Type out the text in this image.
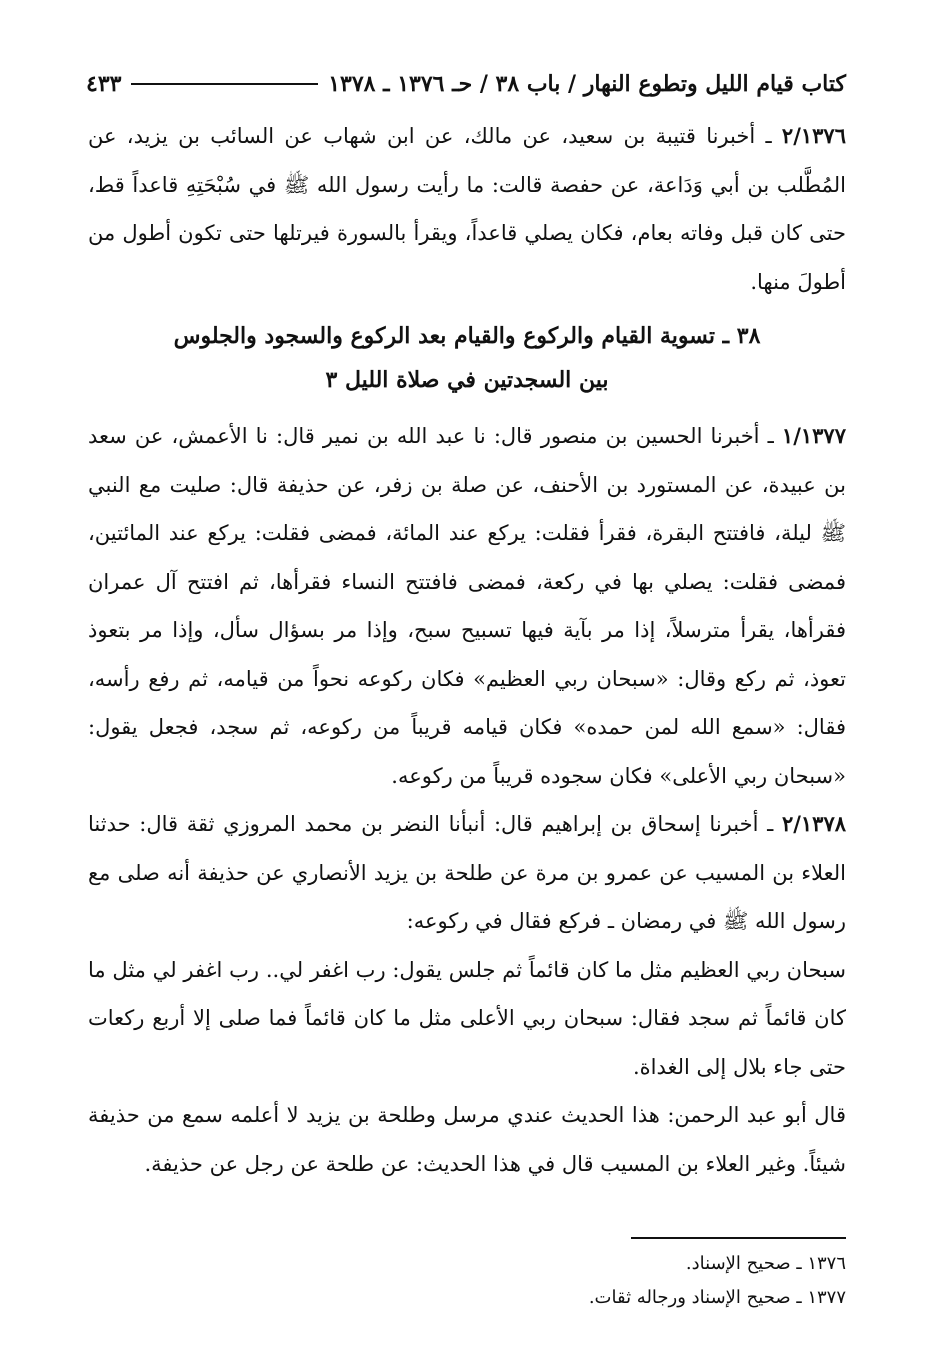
كتاب قيام الليل وتطوع النهار / باب ٣٨ / حـ ١٣٧٦ ـ ١٣٧٨
٤٣٣

٢/١٣٧٦ ـ أخبرنا قتيبة بن سعيد، عن مالك، عن ابن شهاب عن السائب بن يزيد، عن المُطَّلب بن أبي وَدَاعة، عن حفصة قالت: ما رأيت رسول الله ﷺ في سُبْحَتِهِ قاعداً قط، حتى كان قبل وفاته بعام، فكان يصلي قاعداً، ويقرأ بالسورة فيرتلها حتى تكون أطول من أطولَ منها.

٣٨ ـ تسوية القيام والركوع والقيام بعد الركوع والسجود والجلوس
بين السجدتين في صلاة الليل ٣

١/١٣٧٧ ـ أخبرنا الحسين بن منصور قال: نا عبد الله بن نمير قال: نا الأعمش، عن سعد بن عبيدة، عن المستورد بن الأحنف، عن صلة بن زفر، عن حذيفة قال: صليت مع النبي ﷺ ليلة، فافتتح البقرة، فقرأ فقلت: يركع عند المائة، فمضى فقلت: يركع عند المائتين، فمضى فقلت: يصلي بها في ركعة، فمضى فافتتح النساء فقرأها، ثم افتتح آل عمران فقرأها، يقرأ مترسلاً، إذا مر بآية فيها تسبيح سبح، وإذا مر بسؤال سأل، وإذا مر بتعوذ تعوذ، ثم ركع وقال: «سبحان ربي العظيم» فكان ركوعه نحواً من قيامه، ثم رفع رأسه، فقال: «سمع الله لمن حمده» فكان قيامه قريباً من ركوعه، ثم سجد، فجعل يقول: «سبحان ربي الأعلى» فكان سجوده قريباً من ركوعه.

٢/١٣٧٨ ـ أخبرنا إسحاق بن إبراهيم قال: أنبأنا النضر بن محمد المروزي ثقة قال: حدثنا العلاء بن المسيب عن عمرو بن مرة عن طلحة بن يزيد الأنصاري عن حذيفة أنه صلى مع رسول الله ﷺ في رمضان ـ فركع فقال في ركوعه:

سبحان ربي العظيم مثل ما كان قائماً ثم جلس يقول: رب اغفر لي.. رب اغفر لي مثل ما كان قائماً ثم سجد فقال: سبحان ربي الأعلى مثل ما كان قائماً فما صلى إلا أربع ركعات حتى جاء بلال إلى الغداة.

قال أبو عبد الرحمن: هذا الحديث عندي مرسل وطلحة بن يزيد لا أعلمه سمع من حذيفة شيئاً. وغير العلاء بن المسيب قال في هذا الحديث: عن طلحة عن رجل عن حذيفة.

١٣٧٦ ـ صحيح الإسناد.
١٣٧٧ ـ صحيح الإسناد ورجاله ثقات.
